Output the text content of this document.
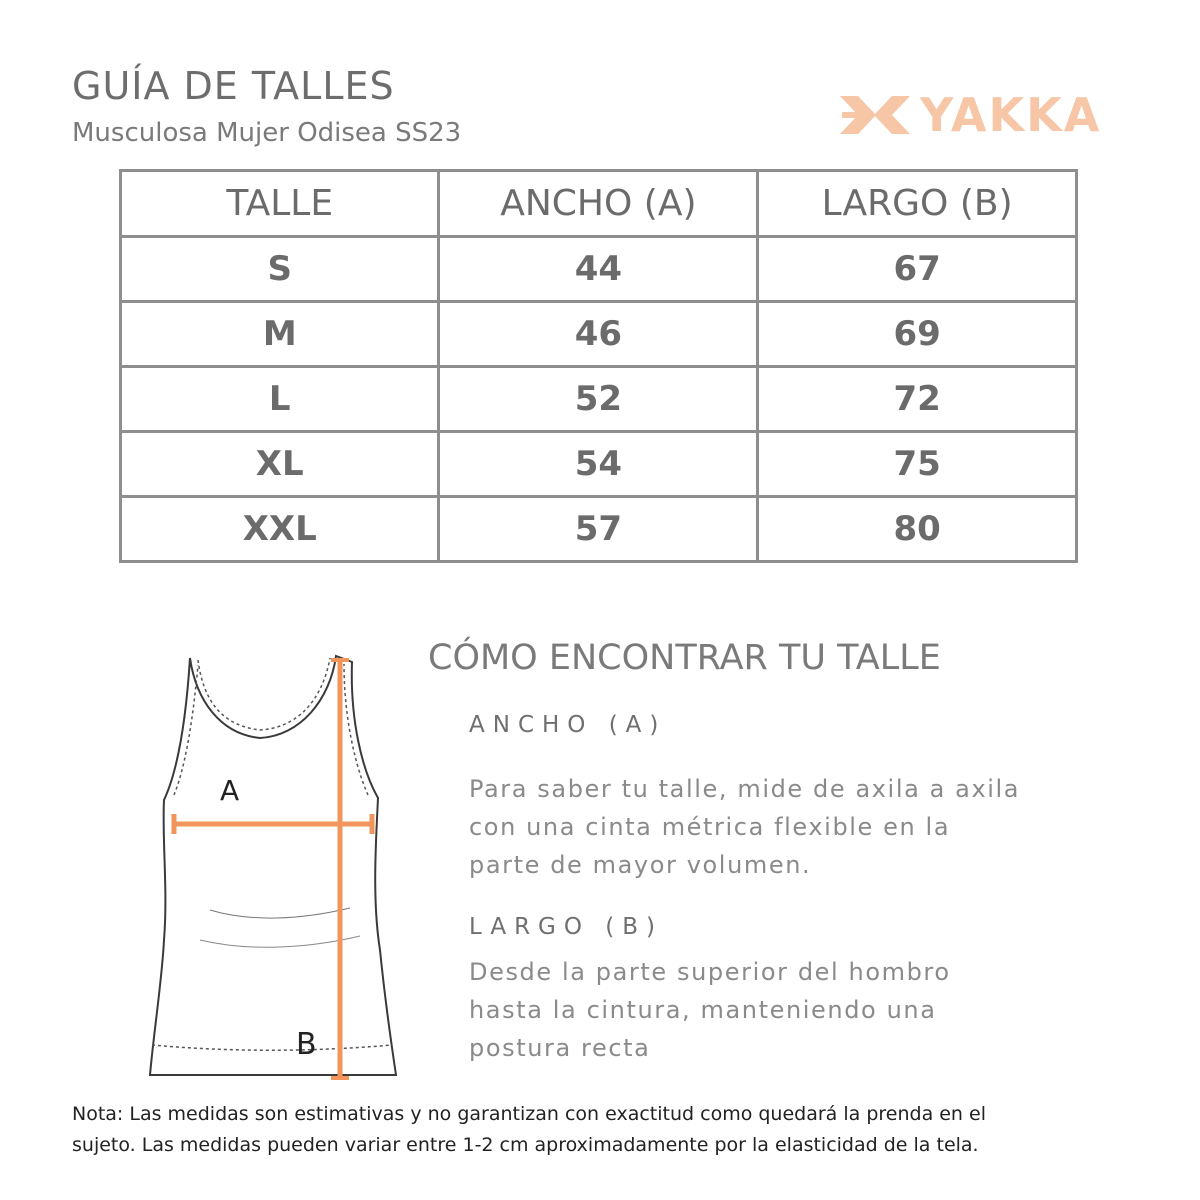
GUÍA DE TALLES
Musculosa Mujer Odisea SS23	YAKKA
TALLE	ANCHO (A)	LARGO (B)
S	44	67
M	46	69
L	52	72
XL	54	75
XXL	57	80
A
B
CÓMO ENCONTRAR TU TALLE
ANCHO (A)
Para saber tu talle, mide de axila a axila
con una cinta métrica flexible en la
parte de mayor volumen.
LARGO (B)
Desde la parte superior del hombro
hasta la cintura, manteniendo una
postura recta
Nota: Las medidas son estimativas y no garantizan con exactitud como quedará la prenda en el
sujeto. Las medidas pueden variar entre 1-2 cm aproximadamente por la elasticidad de la tela.
